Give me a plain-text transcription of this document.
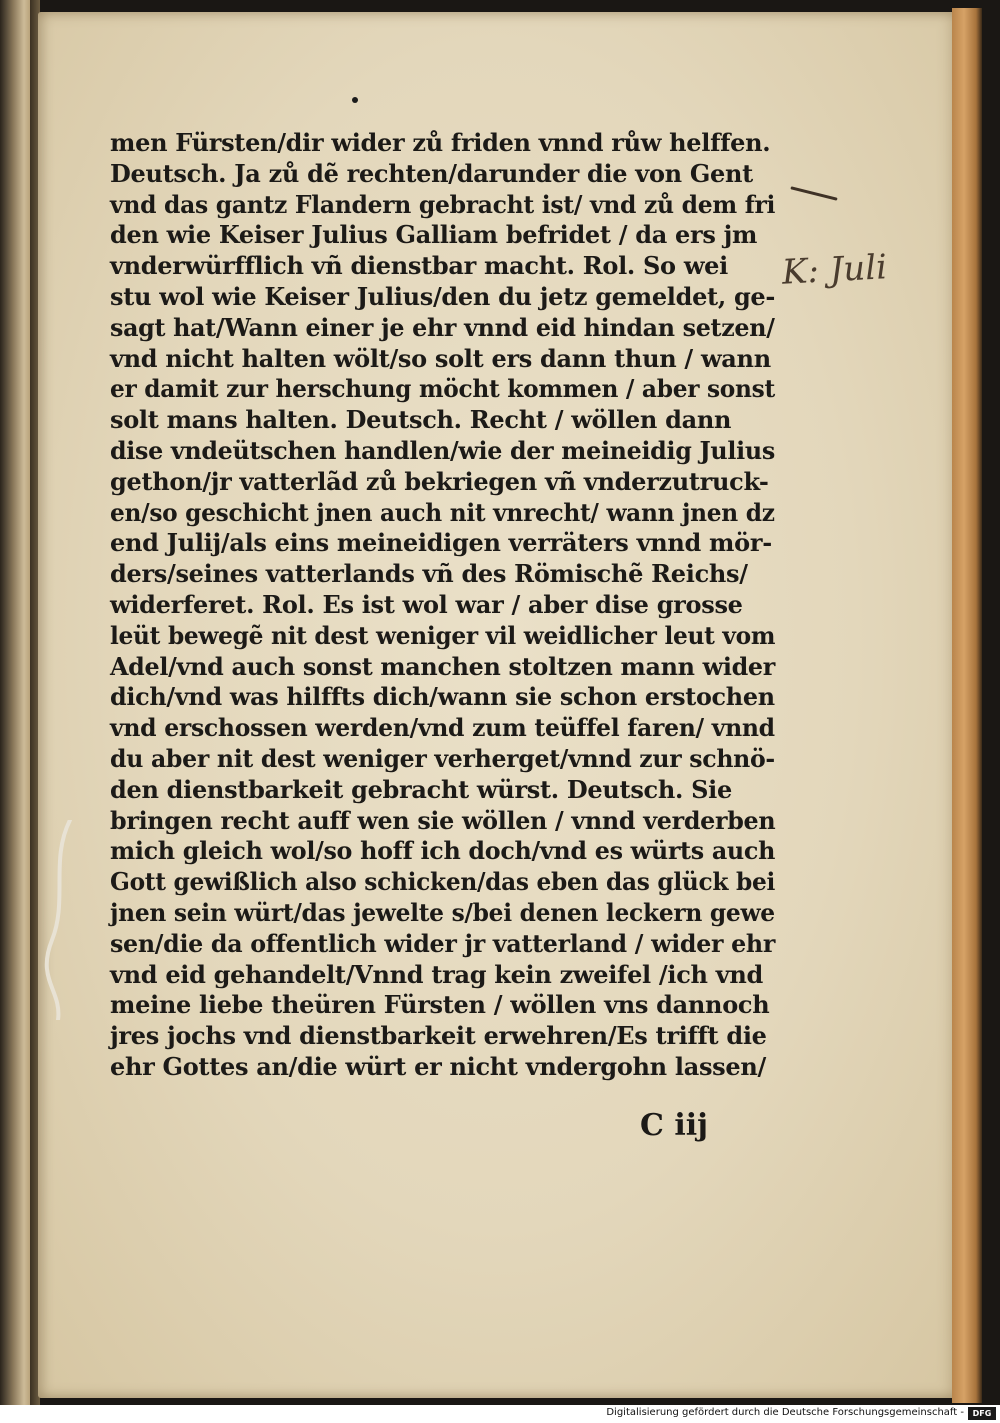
men Fürsten/dir wider zů friden vnnd růw helffen.
Deutsch. Ja zů dẽ rechten/darunder die von Gent
vnd das gantz Flandern gebracht ist/ vnd zů dem fri
den wie Keiser Julius Galliam befridet / da ers jm
vnderwürfflich vñ dienstbar macht. Rol. So wei
stu wol wie Keiser Julius/den du jetz gemeldet, ge-
sagt hat/Wann einer je ehr vnnd eid hindan setzen/
vnd nicht halten wölt/so solt ers dann thun / wann
er damit zur herschung möcht kommen / aber sonst
solt mans halten. Deutsch. Recht / wöllen dann
dise vndeütschen handlen/wie der meineidig Julius
gethon/jr vatterlãd zů bekriegen vñ vnderzutruck-
en/so geschicht jnen auch nit vnrecht/ wann jnen dz
end Julij/als eins meineidigen verräters vnnd mör-
ders/seines vatterlands vñ des Römischẽ Reichs/
widerferet. Rol. Es ist wol war / aber dise grosse
leüt bewegẽ nit dest weniger vil weidlicher leut vom
Adel/vnd auch sonst manchen stoltzen mann wider
dich/vnd was hilffts dich/wann sie schon erstochen
vnd erschossen werden/vnd zum teüffel faren/ vnnd
du aber nit dest weniger verherget/vnnd zur schnö-
den dienstbarkeit gebracht würst. Deutsch. Sie
bringen recht auff wen sie wöllen / vnnd verderben
mich gleich wol/so hoff ich doch/vnd es würts auch
Gott gewißlich also schicken/das eben das glück bei
jnen sein würt/das jewelte s/bei denen leckern gewe
sen/die da offentlich wider jr vatterland / wider ehr
vnd eid gehandelt/Vnnd trag kein zweifel /ich vnd
meine liebe theüren Fürsten / wöllen vns dannoch
jres jochs vnd dienstbarkeit erwehren/Es trifft die
ehr Gottes an/die würt er nicht vndergohn lassen/
C iij
K: Juli
Digitalisierung gefördert durch die Deutsche Forschungsgemeinschaft -	DFG
